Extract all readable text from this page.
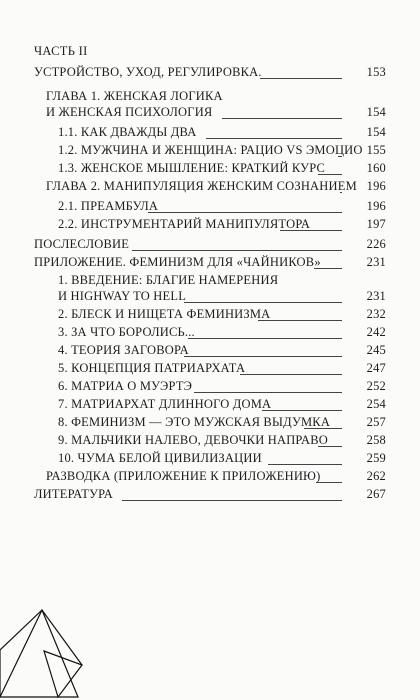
ЧАСТЬ II
УСТРОЙСТВО, УХОД, РЕГУЛИРОВКА.	153
ГЛАВА 1. ЖЕНСКАЯ ЛОГИКА
И ЖЕНСКАЯ ПСИХОЛОГИЯ	154
1.1. КАК ДВАЖДЫ ДВА	154
1.2. МУЖЧИНА И ЖЕНЩИНА: РАЦИО VS ЭМОЦИО 155
1.3. ЖЕНСКОЕ МЫШЛЕНИЕ: КРАТКИЙ КУРС	160
ГЛАВА 2. МАНИПУЛЯЦИЯ ЖЕНСКИМ СОЗНАНИЕМ 196
2.1. ПРЕАМБУЛА	196
2.2. ИНСТРУМЕНТАРИЙ МАНИПУЛЯТОРА	197
ПОСЛЕСЛОВИЕ	226
ПРИЛОЖЕНИЕ. ФЕМИНИЗМ ДЛЯ «ЧАЙНИКОВ»	231
1. ВВЕДЕНИЕ: БЛАГИЕ НАМЕРЕНИЯ
И HIGHWAY TO HELL	231
2. БЛЕСК И НИЩЕТА ФЕМИНИЗМА	232
3. ЗА ЧТО БОРОЛИСЬ...	242
4. ТЕОРИЯ ЗАГОВОРА	245
5. КОНЦЕПЦИЯ ПАТРИАРХАТА	247
6. МАТРИА О МУЭРТЭ	252
7. МАТРИАРХАТ ДЛИННОГО ДОМА	254
8. ФЕМИНИЗМ — ЭТО МУЖСКАЯ ВЫДУМКА	257
9. МАЛЬЧИКИ НАЛЕВО, ДЕВОЧКИ НАПРАВО	258
10. ЧУМА БЕЛОЙ ЦИВИЛИЗАЦИИ	259
РАЗВОДКА (ПРИЛОЖЕНИЕ К ПРИЛОЖЕНИЮ)	262
ЛИТЕРАТУРА	267
